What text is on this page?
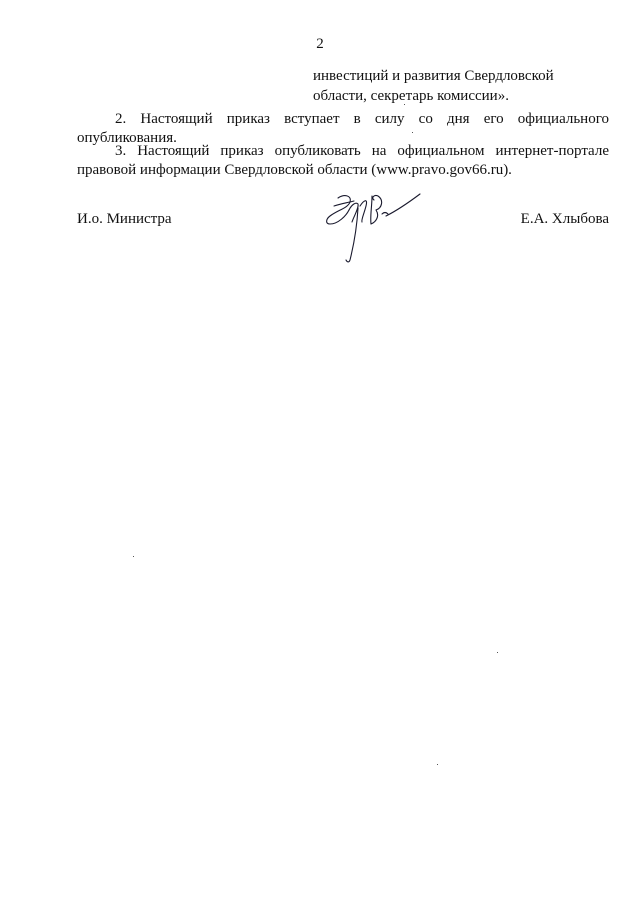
2
инвестиций и развития Свердловской
области, секретарь комиссии».
2. Настоящий приказ вступает в силу со дня его официального
опубликования.
3. Настоящий приказ опубликовать на официальном интернет-портале
правовой информации Свердловской области (www.pravo.gov66.ru).
И.о. Министра	Е.А. Хлыбова
